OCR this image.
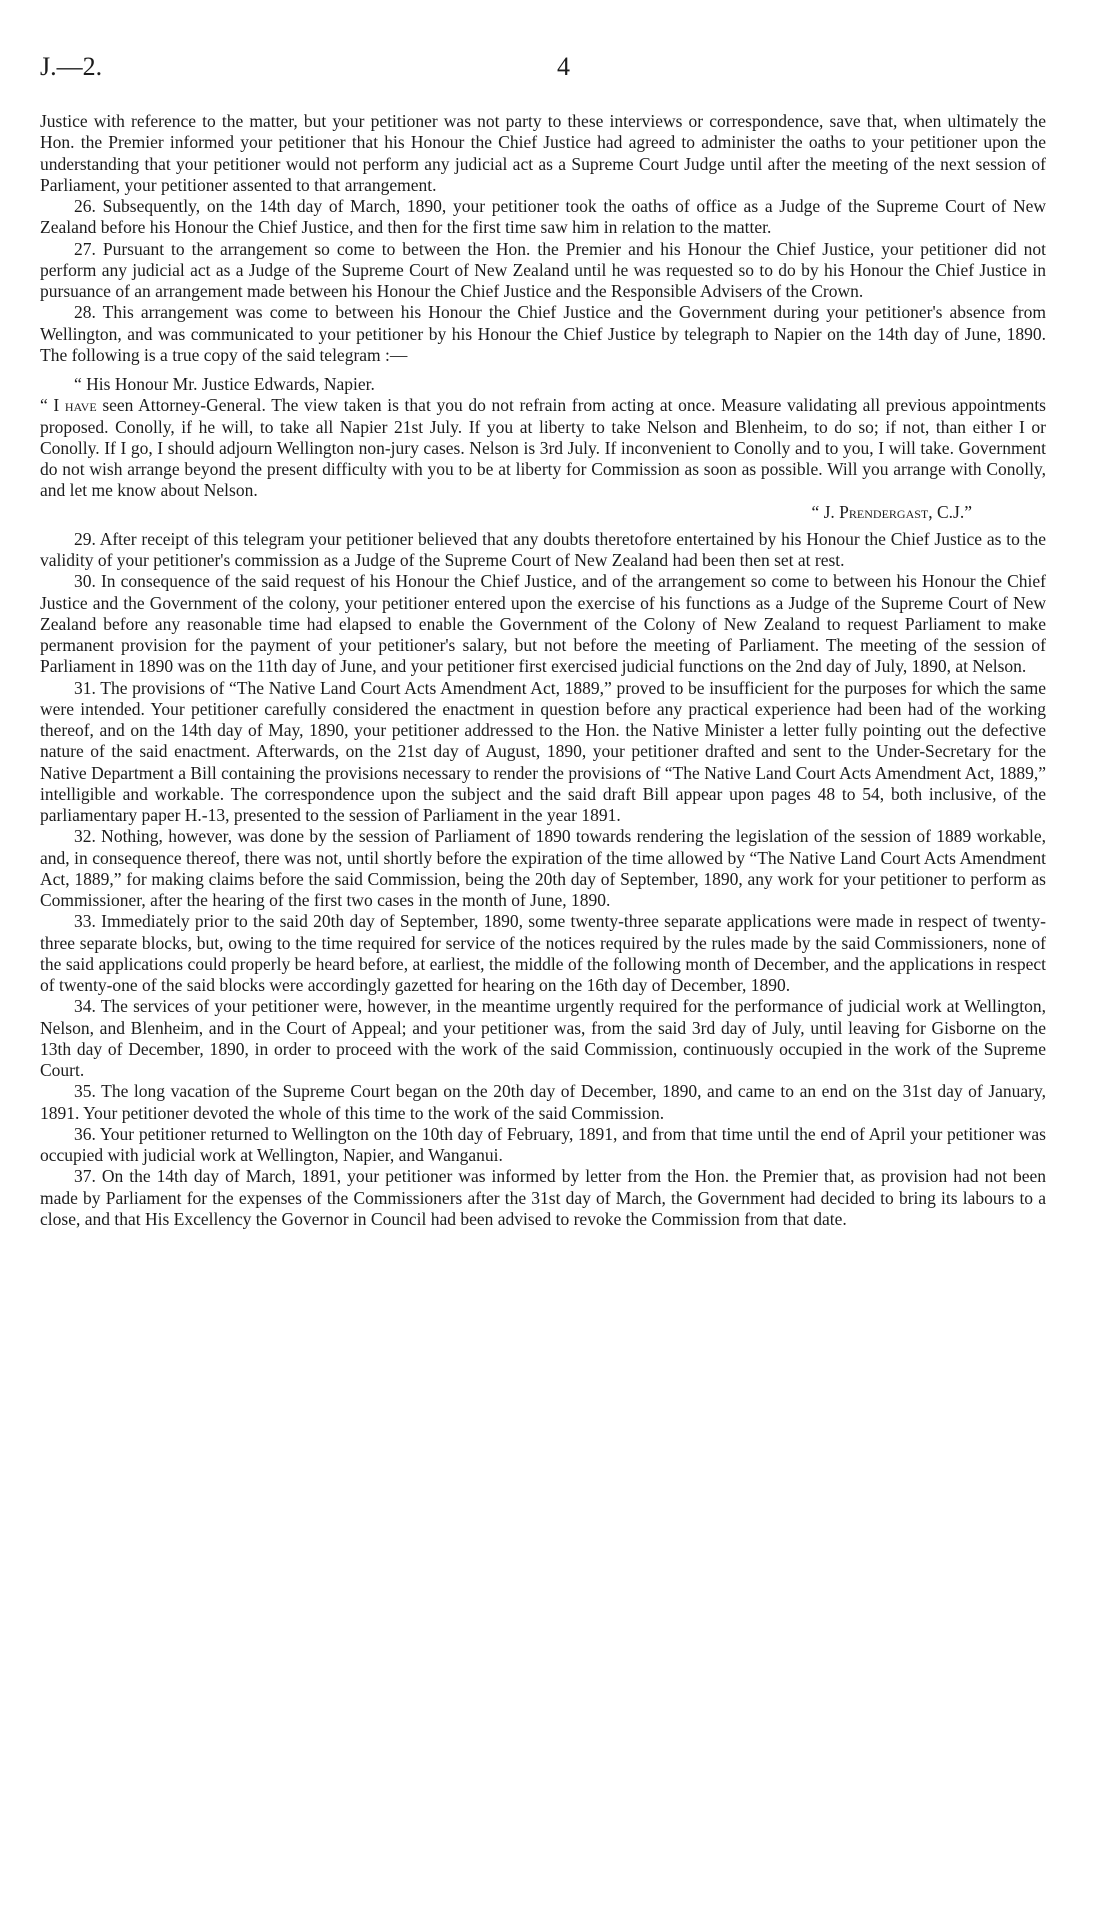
J.—2.	4

Justice with reference to the matter, but your petitioner was not party to these interviews or correspondence, save that, when ultimately the Hon. the Premier informed your petitioner that his Honour the Chief Justice had agreed to administer the oaths to your petitioner upon the understanding that your petitioner would not perform any judicial act as a Supreme Court Judge until after the meeting of the next session of Parliament, your petitioner assented to that arrangement.

26. Subsequently, on the 14th day of March, 1890, your petitioner took the oaths of office as a Judge of the Supreme Court of New Zealand before his Honour the Chief Justice, and then for the first time saw him in relation to the matter.

27. Pursuant to the arrangement so come to between the Hon. the Premier and his Honour the Chief Justice, your petitioner did not perform any judicial act as a Judge of the Supreme Court of New Zealand until he was requested so to do by his Honour the Chief Justice in pursuance of an arrangement made between his Honour the Chief Justice and the Responsible Advisers of the Crown.

28. This arrangement was come to between his Honour the Chief Justice and the Government during your petitioner's absence from Wellington, and was communicated to your petitioner by his Honour the Chief Justice by telegraph to Napier on the 14th day of June, 1890. The following is a true copy of the said telegram :—

“ His Honour Mr. Justice Edwards, Napier.

“ I have seen Attorney-General. The view taken is that you do not refrain from acting at once. Measure validating all previous appointments proposed. Conolly, if he will, to take all Napier 21st July. If you at liberty to take Nelson and Blenheim, to do so; if not, than either I or Conolly. If I go, I should adjourn Wellington non-jury cases. Nelson is 3rd July. If inconvenient to Conolly and to you, I will take. Government do not wish arrange beyond the present difficulty with you to be at liberty for Commission as soon as possible. Will you arrange with Conolly, and let me know about Nelson.
“ J. Prendergast, C.J.”

29. After receipt of this telegram your petitioner believed that any doubts theretofore entertained by his Honour the Chief Justice as to the validity of your petitioner's commission as a Judge of the Supreme Court of New Zealand had been then set at rest.

30. In consequence of the said request of his Honour the Chief Justice, and of the arrangement so come to between his Honour the Chief Justice and the Government of the colony, your petitioner entered upon the exercise of his functions as a Judge of the Supreme Court of New Zealand before any reasonable time had elapsed to enable the Government of the Colony of New Zealand to request Parliament to make permanent provision for the payment of your petitioner's salary, but not before the meeting of Parliament. The meeting of the session of Parliament in 1890 was on the 11th day of June, and your petitioner first exercised judicial functions on the 2nd day of July, 1890, at Nelson.

31. The provisions of “The Native Land Court Acts Amendment Act, 1889,” proved to be insufficient for the purposes for which the same were intended. Your petitioner carefully considered the enactment in question before any practical experience had been had of the working thereof, and on the 14th day of May, 1890, your petitioner addressed to the Hon. the Native Minister a letter fully pointing out the defective nature of the said enactment. Afterwards, on the 21st day of August, 1890, your petitioner drafted and sent to the Under-Secretary for the Native Department a Bill containing the provisions necessary to render the provisions of “The Native Land Court Acts Amendment Act, 1889,” intelligible and workable. The correspondence upon the subject and the said draft Bill appear upon pages 48 to 54, both inclusive, of the parliamentary paper H.-13, presented to the session of Parliament in the year 1891.

32. Nothing, however, was done by the session of Parliament of 1890 towards rendering the legislation of the session of 1889 workable, and, in consequence thereof, there was not, until shortly before the expiration of the time allowed by “The Native Land Court Acts Amendment Act, 1889,” for making claims before the said Commission, being the 20th day of September, 1890, any work for your petitioner to perform as Commissioner, after the hearing of the first two cases in the month of June, 1890.

33. Immediately prior to the said 20th day of September, 1890, some twenty-three separate applications were made in respect of twenty-three separate blocks, but, owing to the time required for service of the notices required by the rules made by the said Commissioners, none of the said applications could properly be heard before, at earliest, the middle of the following month of December, and the applications in respect of twenty-one of the said blocks were accordingly gazetted for hearing on the 16th day of December, 1890.

34. The services of your petitioner were, however, in the meantime urgently required for the performance of judicial work at Wellington, Nelson, and Blenheim, and in the Court of Appeal; and your petitioner was, from the said 3rd day of July, until leaving for Gisborne on the 13th day of December, 1890, in order to proceed with the work of the said Commission, continuously occupied in the work of the Supreme Court.

35. The long vacation of the Supreme Court began on the 20th day of December, 1890, and came to an end on the 31st day of January, 1891. Your petitioner devoted the whole of this time to the work of the said Commission.

36. Your petitioner returned to Wellington on the 10th day of February, 1891, and from that time until the end of April your petitioner was occupied with judicial work at Wellington, Napier, and Wanganui.

37. On the 14th day of March, 1891, your petitioner was informed by letter from the Hon. the Premier that, as provision had not been made by Parliament for the expenses of the Commissioners after the 31st day of March, the Government had decided to bring its labours to a close, and that His Excellency the Governor in Council had been advised to revoke the Commission from that date.
